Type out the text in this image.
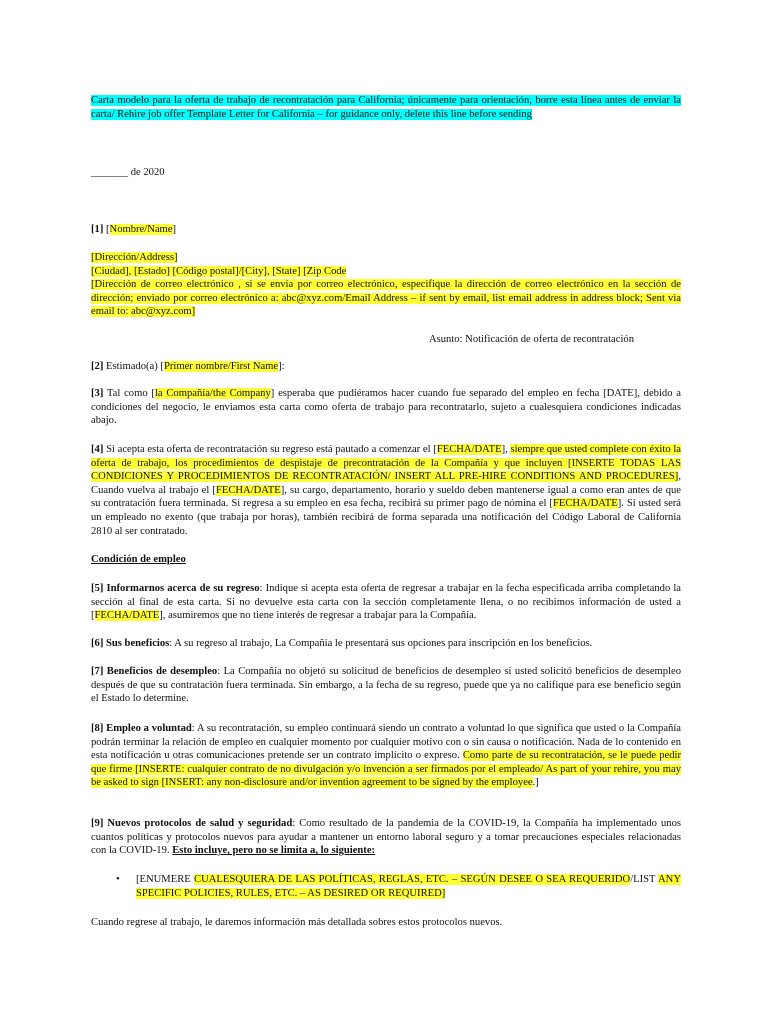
Carta modelo para la oferta de trabajo de recontratación para California; únicamente para orientación, borre esta línea antes de enviar la carta/ Rehire job offer Template Letter for California – for guidance only, delete this line before sending
_______ de 2020
[1] [Nombre/Name]
[Dirección/Address]
[Ciudad], [Estado] [Código postal]/[City], [State] [Zip Code
[Dirección de correo electrónico , si se envía por correo electrónico, especifique la dirección de correo electrónico en la sección de dirección; enviado por correo electrónico a: abc@xyz.com/Email Address – if sent by email, list email address in address block; Sent via email to: abc@xyz.com]
Asunto: Notificación de oferta de recontratación
[2] Estimado(a) [Primer nombre/First Name]:
[3] Tal como [la Compañía/the Company] esperaba que pudiéramos hacer cuando fue separado del empleo en fecha [DATE], debido a condiciones del negocio, le enviamos esta carta como oferta de trabajo para recontratarlo, sujeto a cualesquiera condiciones indicadas abajo.
[4] Si acepta esta oferta de recontratación su regreso está pautado a comenzar el [FECHA/DATE], siempre que usted complete con éxito la oferta de trabajo, los procedimientos de despistaje de precontratación de la Compañía y que incluyen [INSERTE TODAS LAS CONDICIONES Y PROCEDIMIENTOS DE RECONTRATACIÓN/ INSERT ALL PRE-HIRE CONDITIONS AND PROCEDURES], Cuando vuelva al trabajo el [FECHA/DATE], su cargo, departamento, horario y sueldo deben mantenerse igual a como eran antes de que su contratación fuera terminada. Si regresa a su empleo en esa fecha, recibirá su primer pago de nómina el [FECHA/DATE]. Si usted será un empleado no exento (que trabaja por horas), también recibirá de forma separada una notificación del Código Laboral de California 2810 al ser contratado.
Condición de empleo
[5] Informarnos acerca de su regreso: Indique si acepta esta oferta de regresar a trabajar en la fecha especificada arriba completando la sección al final de esta carta. Si no devuelve esta carta con la sección completamente llena, o no recibimos información de usted a [FECHA/DATE], asumiremos que no tiene interés de regresar a trabajar para la Compañía.
[6] Sus beneficios: A su regreso al trabajo, La Compañía le presentará sus opciones para inscripción en los beneficios.
[7] Beneficios de desempleo: La Compañía no objetó su solicitud de beneficios de desempleo si usted solicitó beneficios de desempleo después de que su contratación fuera terminada. Sin embargo, a la fecha de su regreso, puede que ya no califique para ese beneficio según el Estado lo determine.
[8] Empleo a voluntad: A su recontratación, su empleo continuará siendo un contrato a voluntad lo que significa que usted o la Compañía podrán terminar la relación de empleo en cualquier momento por cualquier motivo con o sin causa o notificación. Nada de lo contenido en esta notificación u otras comunicaciones pretende ser un contrato implícito o expreso. Como parte de su recontratación, se le puede pedir que firme [INSERTE: cualquier contrato de no divulgación y/o invención a ser firmados por el empleado/ As part of your rehire, you may be asked to sign [INSERT: any non-disclosure and/or invention agreement to be signed by the employee.]
[9] Nuevos protocolos de salud y seguridad: Como resultado de la pandemia de la COVID-19, la Compañía ha implementado unos cuantos políticas y protocolos nuevos para ayudar a mantener un entorno laboral seguro y a tomar precauciones especiales relacionadas con la COVID-19. Esto incluye, pero no se limita a, lo siguiente:
• [ENUMERE CUALESQUIERA DE LAS POLÍTICAS, REGLAS, ETC. – SEGÚN DESEE O SEA REQUERIDO/LIST ANY SPECIFIC POLICIES, RULES, ETC. – AS DESIRED OR REQUIRED]
Cuando regrese al trabajo, le daremos información más detallada sobres estos protocolos nuevos.
